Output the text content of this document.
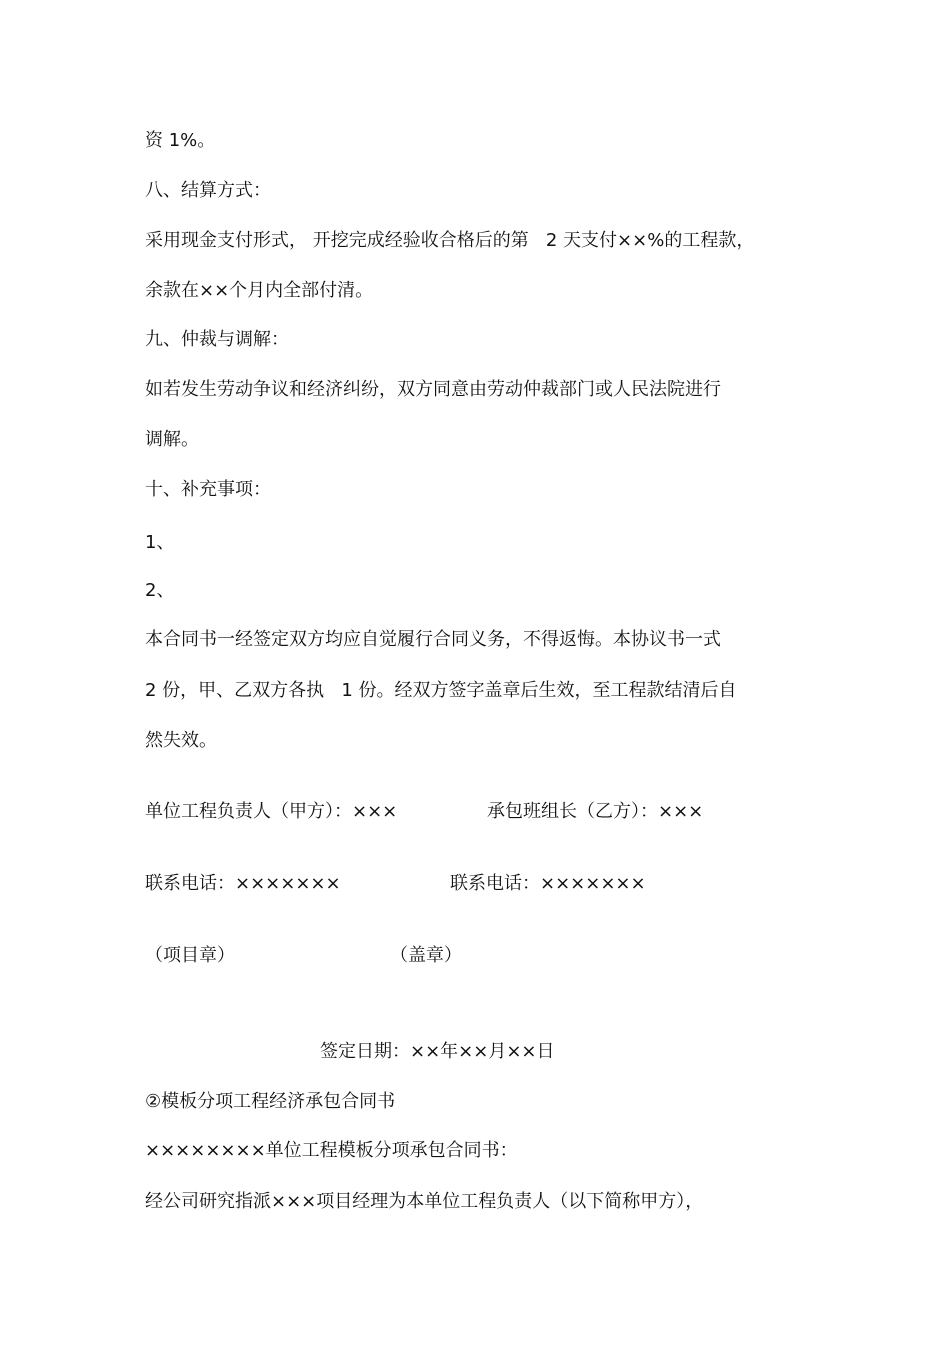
资 1%。
八、结算方式：
采用现金支付形式， 开挖完成经验收合格后的第   2 天支付××%的工程款，
余款在××个月内全部付清。
九、仲裁与调解：
如若发生劳动争议和经济纠纷，双方同意由劳动仲裁部门或人民法院进行
调解。
十、补充事项：
1、
2、
本合同书一经签定双方均应自觉履行合同义务，不得返悔。本协议书一式
2 份，甲、乙双方各执   1 份。经双方签字盖章后生效，至工程款结清后自
然失效。
单位工程负责人（甲方）：×××	承包班组长（乙方）：×××
联系电话：×××××××	联系电话：×××××××
（项目章）	（盖章）
签定日期：××年××月××日
②模板分项工程经济承包合同书
××××××××单位工程模板分项承包合同书：
经公司研究指派×××项目经理为本单位工程负责人（以下简称甲方），
